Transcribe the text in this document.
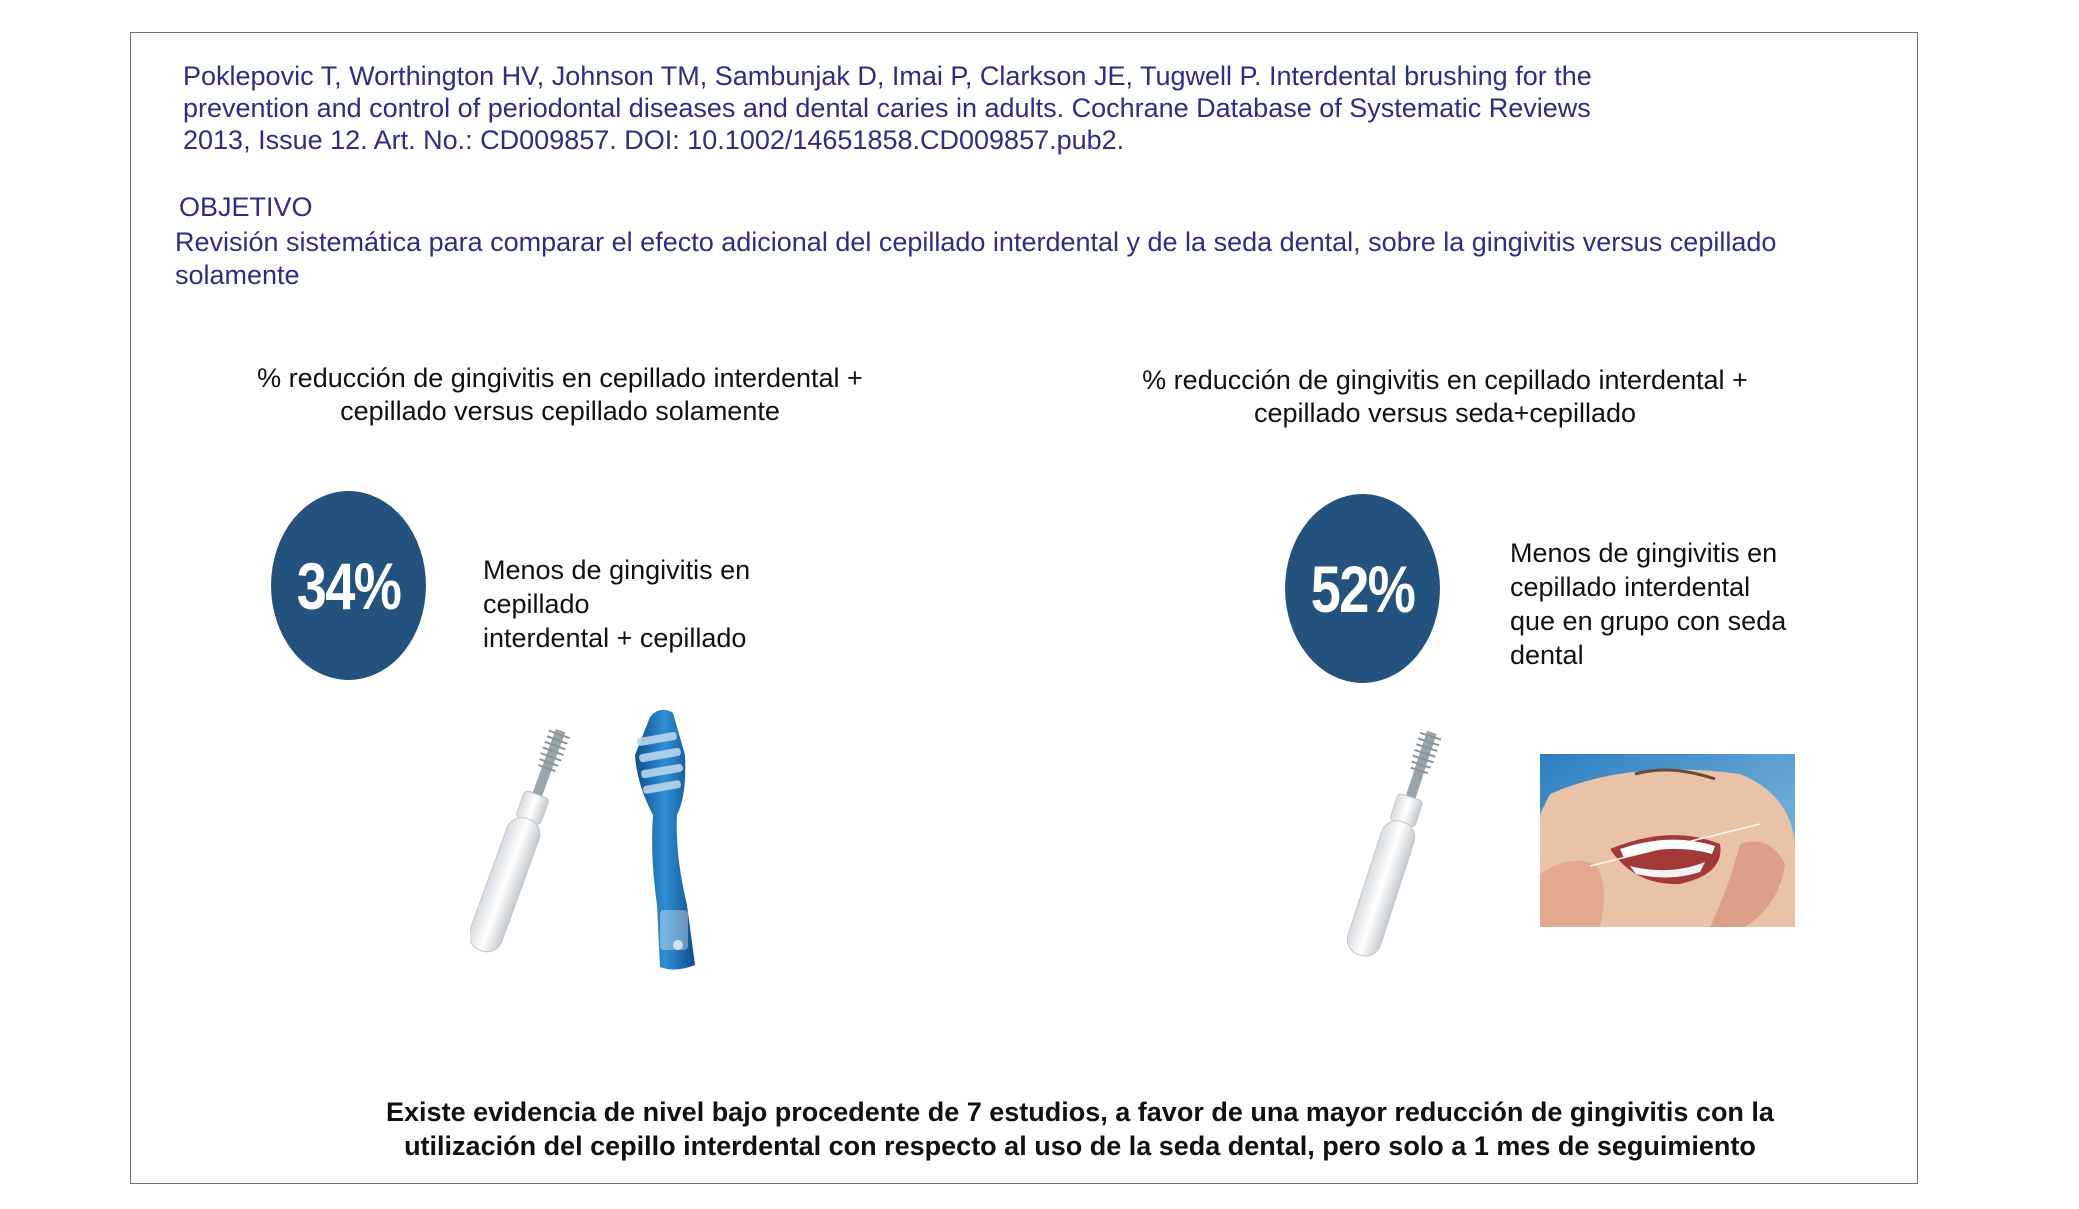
Poklepovic T, Worthington HV, Johnson TM, Sambunjak D, Imai P, Clarkson JE, Tugwell P. Interdental brushing for the
prevention and control of periodontal diseases and dental caries in adults. Cochrane Database of Systematic Reviews
2013, Issue 12. Art. No.: CD009857. DOI: 10.1002/14651858.CD009857.pub2.
OBJETIVO
Revisión sistemática para comparar el efecto adicional del cepillado interdental y de la seda dental, sobre la gingivitis versus cepillado solamente
% reducción de gingivitis en cepillado interdental +
cepillado versus cepillado solamente
34%	Menos de gingivitis en
cepillado
interdental + cepillado
% reducción de gingivitis en cepillado interdental +
cepillado versus seda+cepillado
52%	Menos de gingivitis en
cepillado interdental
que en grupo con seda
dental
Existe evidencia de nivel bajo procedente de 7 estudios, a favor de una mayor reducción de gingivitis con la
utilización del cepillo interdental con respecto al uso de la seda dental, pero solo a 1 mes de seguimiento
